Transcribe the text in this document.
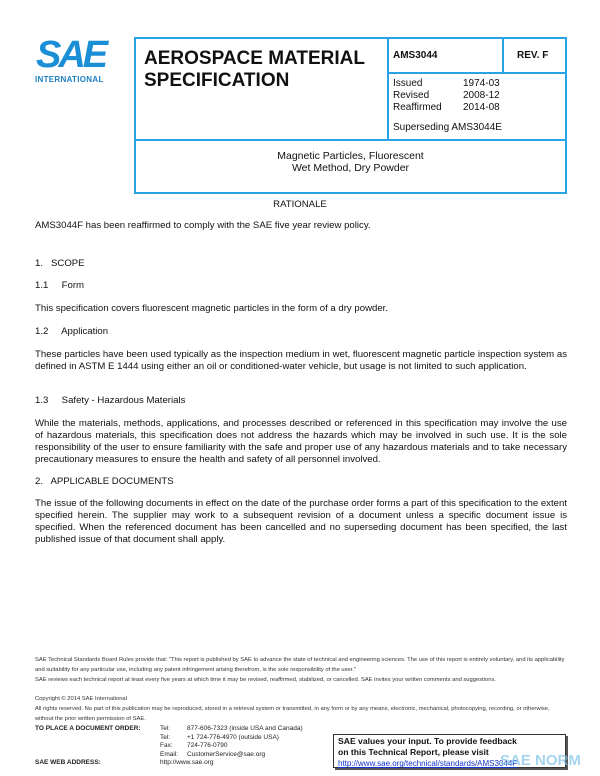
SAE
INTERNATIONAL
AEROSPACE MATERIAL
SPECIFICATION
AMS3044	REV. F
Issued	1974-03
Revised	2008-12
Reaffirmed	2014-08
Superseding AMS3044E
Magnetic Particles, Fluorescent
Wet Method, Dry Powder
RATIONALE
AMS3044F has been reaffirmed to comply with the SAE five year review policy.
1.   SCOPE
1.1     Form
This specification covers fluorescent magnetic particles in the form of a dry powder.
1.2     Application
These particles have been used typically as the inspection medium in wet, fluorescent magnetic particle inspection system as defined in ASTM E 1444 using either an oil or conditioned-water vehicle, but usage is not limited to such application.
1.3     Safety - Hazardous Materials
While the materials, methods, applications, and processes described or referenced in this specification may involve the use of hazardous materials, this specification does not address the hazards which may be involved in such use. It is the sole responsibility of the user to ensure familiarity with the safe and proper use of any hazardous materials and to take necessary precautionary measures to ensure the health and safety of all personnel involved.
2.   APPLICABLE DOCUMENTS
The issue of the following documents in effect on the date of the purchase order forms a part of this specification to the extent specified herein. The supplier may work to a subsequent revision of a document unless a specific document issue is specified. When the referenced document has been cancelled and no superseding document has been specified, the last published issue of that document shall apply.
SAE Technical Standards Board Rules provide that: "This report is published by SAE to advance the state of technical and engineering sciences. The use of this report is entirely voluntary, and its applicability and suitability for any particular use, including any patent infringement arising therefrom, is the sole responsibility of the user."
SAE reviews each technical report at least every five years at which time it may be revised, reaffirmed, stabilized, or cancelled. SAE invites your written comments and suggestions.
Copyright © 2014 SAE International
All rights reserved. No part of this publication may be reproduced, stored in a retrieval system or transmitted, in any form or by any means, electronic, mechanical, photocopying, recording, or otherwise, without the prior written permission of SAE.
TO PLACE A DOCUMENT ORDER:	Tel:	877-606-7323 (inside USA and Canada)
Tel:	+1 724-776-4970 (outside USA)
Fax: 724-776-0790
Email: CustomerService@sae.org
SAE WEB ADDRESS:	http://www.sae.org
SAE values your input. To provide feedback
on this Technical Report, please visit
http://www.sae.org/technical/standards/AMS3044F
SAE NORM
